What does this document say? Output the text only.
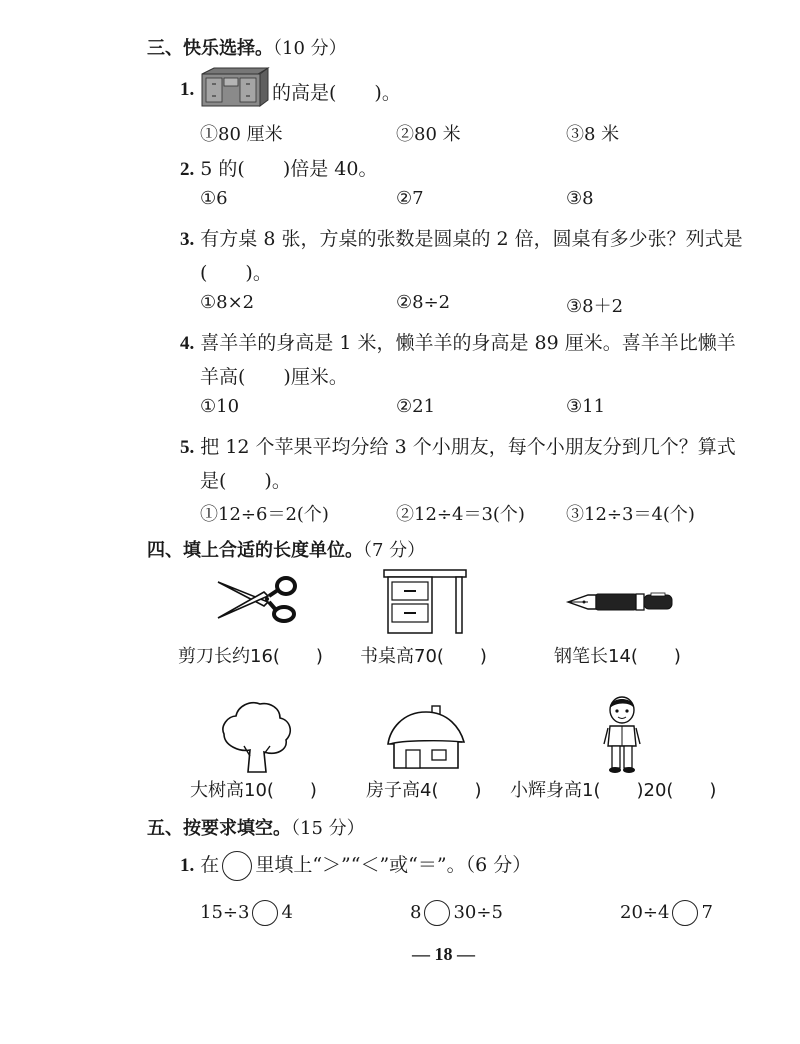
三、快乐选择。（10 分）
1.	的高是(　　)。
①80 厘米	②80 米	③8 米
2. 5 的(　　)倍是 40。
①6	②7	③8
3. 有方桌 8 张，方桌的张数是圆桌的 2 倍，圆桌有多少张？列式是
(　　)。
①8×2	②8÷2	③8＋2
4. 喜羊羊的身高是 1 米，懒羊羊的身高是 89 厘米。喜羊羊比懒羊
羊高(　　)厘米。
①10	②21	③11
5. 把 12 个苹果平均分给 3 个小朋友，每个小朋友分到几个？算式
是(　　)。
①12÷6＝2(个)	②12÷4＝3(个) ③12÷3＝4(个)
四、填上合适的长度单位。（7 分）
剪刀长约16(　　) 书桌高70(　　)	钢笔长14(　　)
大树高10(　　)	房子高4(　　) 小辉身高1(　　)20(　　)
五、按要求填空。（15 分）
1. 在 里填上“＞”“＜”或“＝”。（6 分）
15÷3 4	8 30÷5	20÷4 7
— 18 —
